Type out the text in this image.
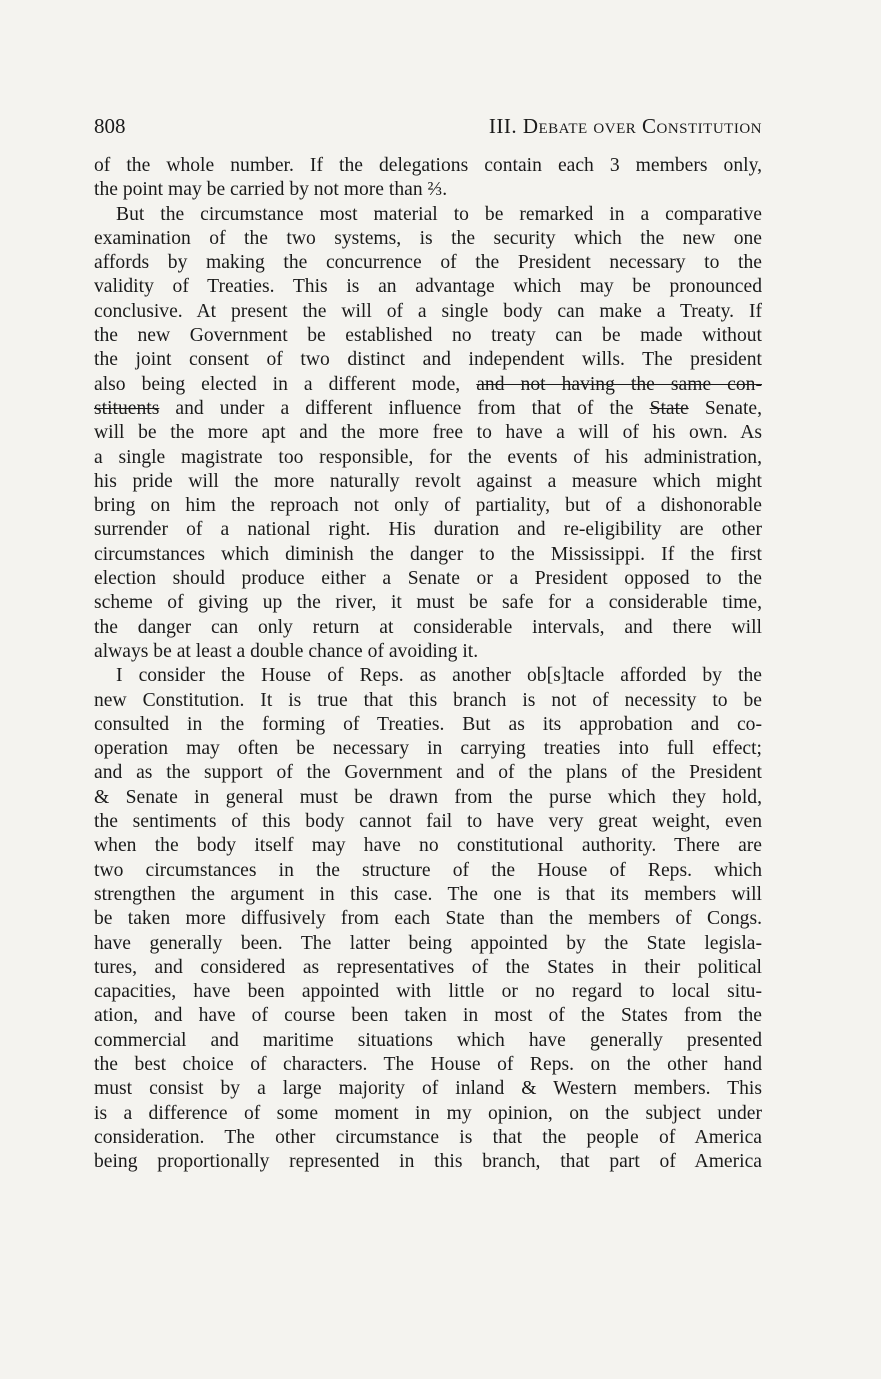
808	III. Debate over Constitution
of the whole number. If the delegations contain each 3 members only,
the point may be carried by not more than ⅔.
But the circumstance most material to be remarked in a comparative
examination of the two systems, is the security which the new one
affords by making the concurrence of the President necessary to the
validity of Treaties. This is an advantage which may be pronounced
conclusive. At present the will of a single body can make a Treaty. If
the new Government be established no treaty can be made without
the joint consent of two distinct and independent wills. The president
also being elected in a different mode, and not having the same con-
stituents and under a different influence from that of the State Senate,
will be the more apt and the more free to have a will of his own. As
a single magistrate too responsible, for the events of his administration,
his pride will the more naturally revolt against a measure which might
bring on him the reproach not only of partiality, but of a dishonorable
surrender of a national right. His duration and re-eligibility are other
circumstances which diminish the danger to the Mississippi. If the first
election should produce either a Senate or a President opposed to the
scheme of giving up the river, it must be safe for a considerable time,
the danger can only return at considerable intervals, and there will
always be at least a double chance of avoiding it.
I consider the House of Reps. as another ob[s]tacle afforded by the
new Constitution. It is true that this branch is not of necessity to be
consulted in the forming of Treaties. But as its approbation and co-
operation may often be necessary in carrying treaties into full effect;
and as the support of the Government and of the plans of the President
& Senate in general must be drawn from the purse which they hold,
the sentiments of this body cannot fail to have very great weight, even
when the body itself may have no constitutional authority. There are
two circumstances in the structure of the House of Reps. which
strengthen the argument in this case. The one is that its members will
be taken more diffusively from each State than the members of Congs.
have generally been. The latter being appointed by the State legisla-
tures, and considered as representatives of the States in their political
capacities, have been appointed with little or no regard to local situ-
ation, and have of course been taken in most of the States from the
commercial and maritime situations which have generally presented
the best choice of characters. The House of Reps. on the other hand
must consist by a large majority of inland & Western members. This
is a difference of some moment in my opinion, on the subject under
consideration. The other circumstance is that the people of America
being proportionally represented in this branch, that part of America
